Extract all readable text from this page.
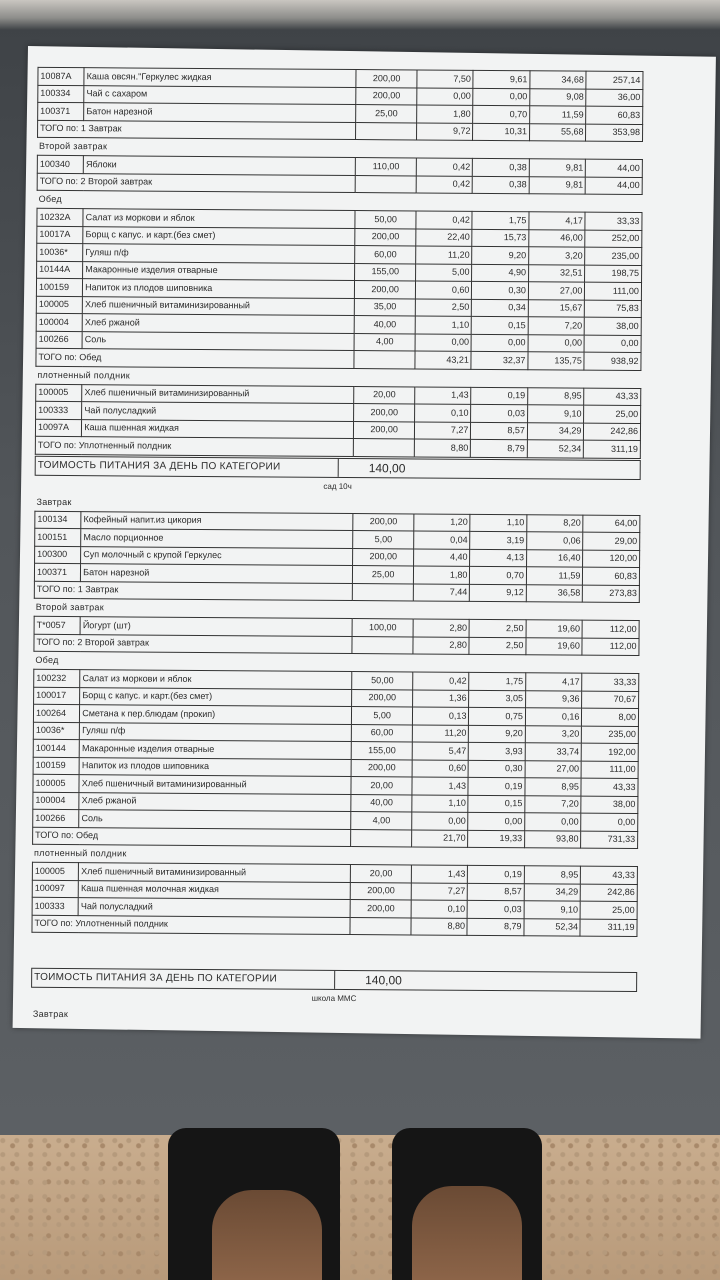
10087А	Каша овсян."Геркулес жидкая	200,00	7,50	9,61	34,68	257,14
100334	Чай с сахаром	200,00	0,00	0,00	9,08	36,00
100371	Батон нарезной	25,00	1,80	0,70	11,59	60,83
ТОГО по: 1 Завтрак			9,72	10,31	55,68	353,98
Второй завтрак
100340	Яблоки	110,00	0,42	0,38	9,81	44,00
ТОГО по: 2 Второй завтрак			0,42	0,38	9,81	44,00
Обед
10232А	Салат из моркови и яблок	50,00	0,42	1,75	4,17	33,33
10017А	Борщ с капус. и карт.(без смет)	200,00	22,40	15,73	46,00	252,00
10036*	Гуляш п/ф	60,00	11,20	9,20	3,20	235,00
10144А	Макаронные изделия отварные	155,00	5,00	4,90	32,51	198,75
100159	Напиток из плодов шиповника	200,00	0,60	0,30	27,00	111,00
100005	Хлеб пшеничный витаминизированный	35,00	2,50	0,34	15,67	75,83
100004	Хлеб ржаной	40,00	1,10	0,15	7,20	38,00
100266	Соль	4,00	0,00	0,00	0,00	0,00
ТОГО по: Обед			43,21	32,37	135,75	938,92
плотненный полдник
100005	Хлеб пшеничный витаминизированный	20,00	1,43	0,19	8,95	43,33
100333	Чай полусладкий	200,00	0,10	0,03	9,10	25,00
10097А	Каша пшенная жидкая	200,00	7,27	8,57	34,29	242,86
ТОГО по: Уплотненный полдник			8,80	8,79	52,34	311,19
ТОИМОСТЬ ПИТАНИЯ ЗА ДЕНЬ ПО КАТЕГОРИИ	140,00
сад 10ч
Завтрак
100134	Кофейный напит.из цикория	200,00	1,20	1,10	8,20	64,00
100151	Масло порционное	5,00	0,04	3,19	0,06	29,00
100300	Суп молочный с крупой Геркулес	200,00	4,40	4,13	16,40	120,00
100371	Батон нарезной	25,00	1,80	0,70	11,59	60,83
ТОГО по: 1 Завтрак			7,44	9,12	36,58	273,83
Второй завтрак
Т*0057	Йогурт (шт)	100,00	2,80	2,50	19,60	112,00
ТОГО по: 2 Второй завтрак			2,80	2,50	19,60	112,00
Обед
100232	Салат из моркови и яблок	50,00	0,42	1,75	4,17	33,33
100017	Борщ с капус. и карт.(без смет)	200,00	1,36	3,05	9,36	70,67
100264	Сметана к пер.блюдам (прокип)	5,00	0,13	0,75	0,16	8,00
10036*	Гуляш п/ф	60,00	11,20	9,20	3,20	235,00
100144	Макаронные изделия отварные	155,00	5,47	3,93	33,74	192,00
100159	Напиток из плодов шиповника	200,00	0,60	0,30	27,00	111,00
100005	Хлеб пшеничный витаминизированный	20,00	1,43	0,19	8,95	43,33
100004	Хлеб ржаной	40,00	1,10	0,15	7,20	38,00
100266	Соль	4,00	0,00	0,00	0,00	0,00
ТОГО по: Обед			21,70	19,33	93,80	731,33
плотненный полдник
100005	Хлеб пшеничный витаминизированный	20,00	1,43	0,19	8,95	43,33
100097	Каша пшенная молочная жидкая	200,00	7,27	8,57	34,29	242,86
100333	Чай полусладкий	200,00	0,10	0,03	9,10	25,00
ТОГО по: Уплотненный полдник			8,80	8,79	52,34	311,19
ТОИМОСТЬ ПИТАНИЯ ЗА ДЕНЬ ПО КАТЕГОРИИ	140,00
школа ММС
Завтрак
